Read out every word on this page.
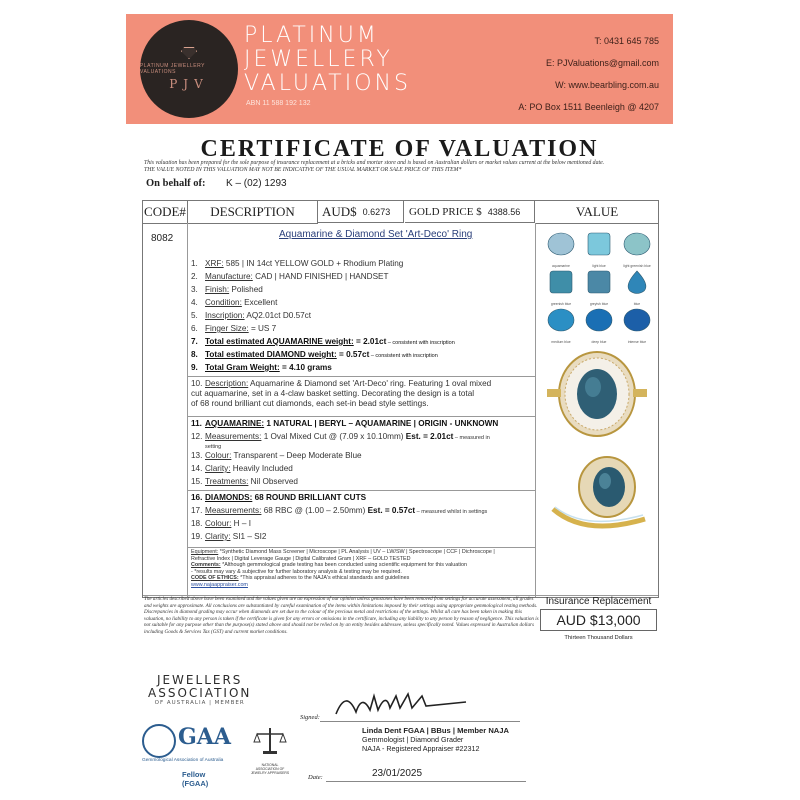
PLATINUM JEWELLERY VALUATIONS
PJV
PLATINUM
JEWELLERY
VALUATIONS
ABN 11 588 192 132
T: 0431 645 785
E: PJValuations@gmail.com
W: www.bearbling.com.au
A: PO Box 1511 Beenleigh @ 4207
CERTIFICATE OF VALUATION
This valuation has been prepared for the sole purpose of insurance replacement at a bricks and mortar store and is based on Australian dollars or market values current at the below mentioned date.
THE VALUE NOTED IN THIS VALUATION MAY NOT BE INDICATIVE OF THE USUAL MARKET OR SALE PRICE OF THIS ITEM*
On behalf of: K – (02) 1293
CODE#	DESCRIPTION	AUD$ 0.6273 GOLD PRICE $ 4388.56	VALUE
8082	Aquamarine & Diamond Set 'Art-Deco' Ring
1. XRF: 585 | IN 14ct YELLOW GOLD + Rhodium Plating
2. Manufacture: CAD | HAND FINISHED | HANDSET
3. Finish: Polished
4. Condition: Excellent
5. Inscription: AQ2.01ct D0.57ct
6. Finger Size: = US 7
7. Total estimated AQUAMARINE weight: = 2.01ct – consistent with inscription
8. Total estimated DIAMOND weight: = 0.57ct – consistent with inscription
9. Total Gram Weight: = 4.10 grams
10. Description: Aquamarine & Diamond set 'Art-Deco' ring. Featuring 1 oval mixed
cut aquamarine, set in a 4-claw basket setting. Decorating the design is a total
of 68 round brilliant cut diamonds, each set-in bead style settings.
11. AQUAMARINE: 1 NATURAL | BERYL – AQUAMARINE | ORIGIN - UNKNOWN
12. Measurements: 1 Oval Mixed Cut @ (7.09 x 10.10mm) Est. = 2.01ct – measured in
setting
13. Colour: Transparent – Deep Moderate Blue
14. Clarity: Heavily Included
15. Treatments: Nil Observed
16. DIAMONDS: 68 ROUND BRILLIANT CUTS
17. Measurements: 68 RBC @ (1.00 – 2.50mm) Est. = 0.57ct – measured whilst in settings
18. Colour: H – I
19. Clarity: SI1 – SI2
Equipment: *Synthetic Diamond Mass Screener | Microscope | PL Analysis | UV – LW/SW | Spectroscope | CCF | Dichroscope |
Refractive Index | Digital Leverage Gauge | Digital Calibrated Gram | XRF – GOLD TESTED
Comments: *Although gemmological grade testing has been conducted using scientific equipment for this valuation
- *results may vary & subjective for further laboratory analysis & testing may be required.
CODE OF ETHICS: *This appraisal adheres to the NAJA's ethical standards and guidelines
www.najaappraiser.com
aquamarine	light blue	light greenish blue
greenish blue	greyish blue	blue
medium blue	deep blue	intense blue
The articles described above have been examined and the values given are an expression of our opinion unless gemstones have been removed from settings for accurate assessment, all grades and weights are approximate. All conclusions are substantiated by careful examination of the items within limitations imposed by their settings using appropriate gemmological testing methods. Discrepancies in diamond grading may occur when diamonds are set due to the colour of the precious metal and restrictions of the settings. Whilst all care has been taken in making this valuation, no liability to any person is taken if the certificate is given for any errors or omissions in the certificate, including any liability to any person by reason of negligence. This valuation is not suitable for any purpose other than the purpose(s) stated above and should not be relied on by an entity besides addressee, unless specifically noted. Values expressed in Australian dollars including Goods & Services Tax (GST) and current market conditions.
Insurance Replacement
AUD $13,000
Thirteen Thousand Dollars
JEWELLERS
ASSOCIATION
OF AUSTRALIA | MEMBER
GAA
Gemmological Association of Australia
Fellow (FGAA)
NATIONAL ASSOCIATION OF JEWELRY APPRAISERS
Signed:
Linda Dent FGAA | BBus | Member NAJA
Gemmologist | Diamond Grader
NAJA - Registered Appraiser #22312
Date:	23/01/2025
